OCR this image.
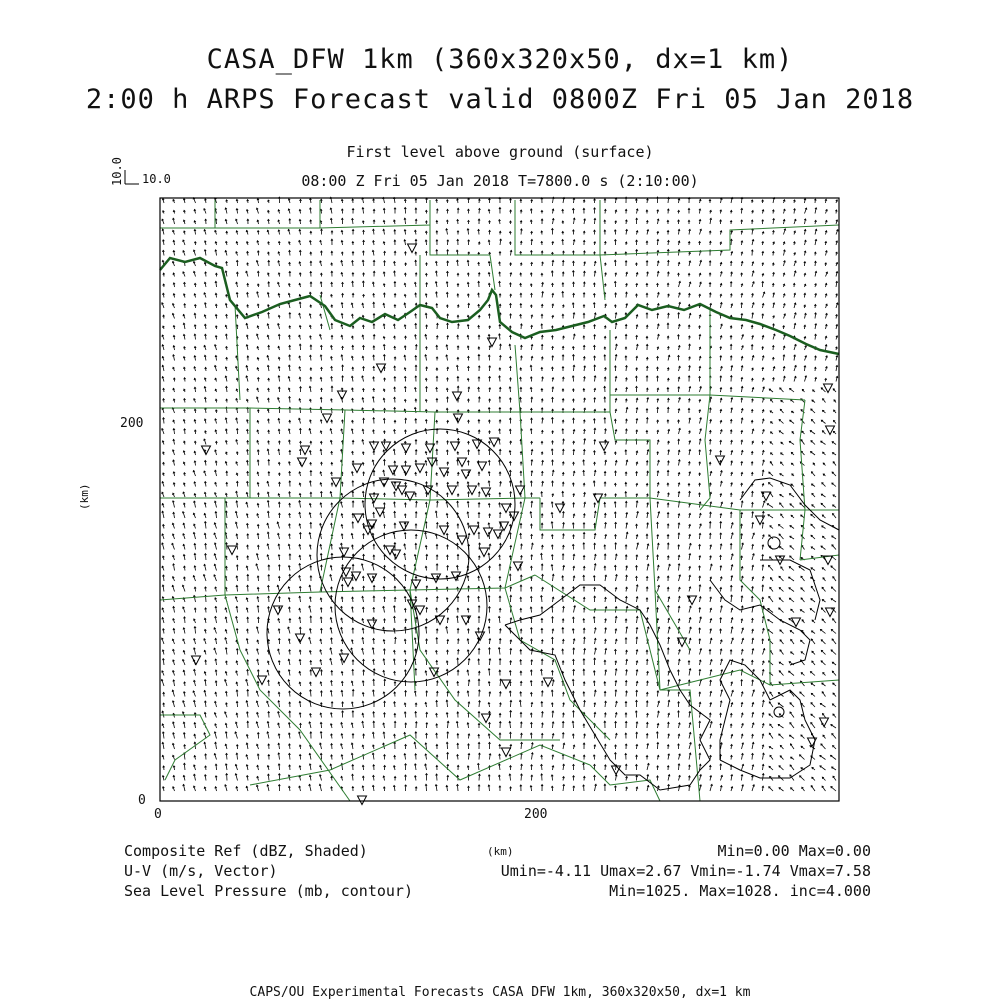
CASA_DFW 1km (360x320x50, dx=1 km)
2:00 h ARPS Forecast valid 0800Z Fri 05 Jan 2018
First level above ground (surface)
08:00 Z Fri 05 Jan 2018 T=7800.0 s (2:10:00)
10.0
10.0
200
0
0	200
(km)
(km)
Composite Ref (dBZ, Shaded)
U-V (m/s, Vector)
Sea Level Pressure (mb, contour)
Min=0.00 Max=0.00
Umin=-4.11 Umax=2.67 Vmin=-1.74 Vmax=7.58
Min=1025. Max=1028. inc=4.000
CAPS/OU Experimental Forecasts CASA DFW 1km, 360x320x50, dx=1 km
